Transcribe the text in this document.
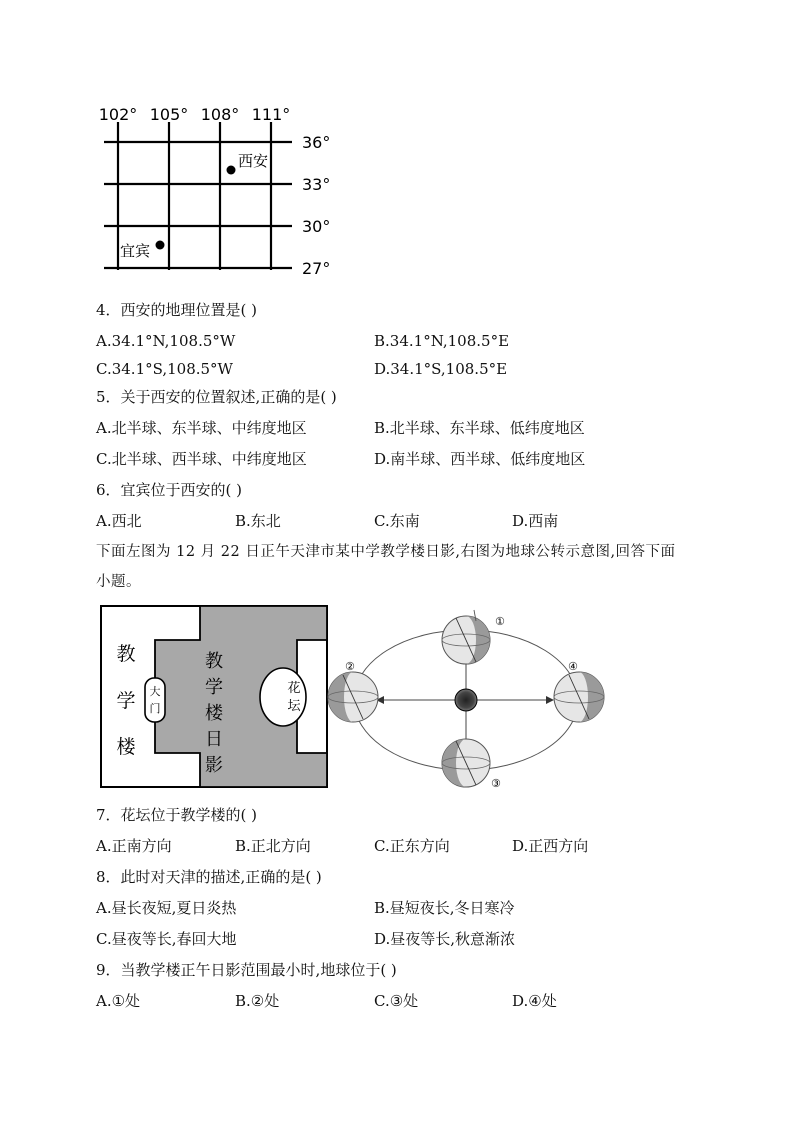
102° 105° 108° 111°
36°
33°
30°
27°
西安
宜宾
4．西安的地理位置是( )
A.34.1°N,108.5°W	B.34.1°N,108.5°E
C.34.1°S,108.5°W	D.34.1°S,108.5°E
5．关于西安的位置叙述,正确的是( )
A.北半球、东半球、中纬度地区	B.北半球、东半球、低纬度地区
C.北半球、西半球、中纬度地区	D.南半球、西半球、低纬度地区
6．宜宾位于西安的( )
A.西北	B.东北	C.东南	D.西南
下面左图为 12 月 22 日正午天津市某中学教学楼日影,右图为地球公转示意图,回答下面
小题。
大
门
花
坛
教
学
楼
教
学
楼
日
影
①
②
③
④
7．花坛位于教学楼的( )
A.正南方向	B.正北方向	C.正东方向	D.正西方向
8．此时对天津的描述,正确的是( )
A.昼长夜短,夏日炎热	B.昼短夜长,冬日寒冷
C.昼夜等长,春回大地	D.昼夜等长,秋意渐浓
9．当教学楼正午日影范围最小时,地球位于( )
A.①处	B.②处	C.③处	D.④处
